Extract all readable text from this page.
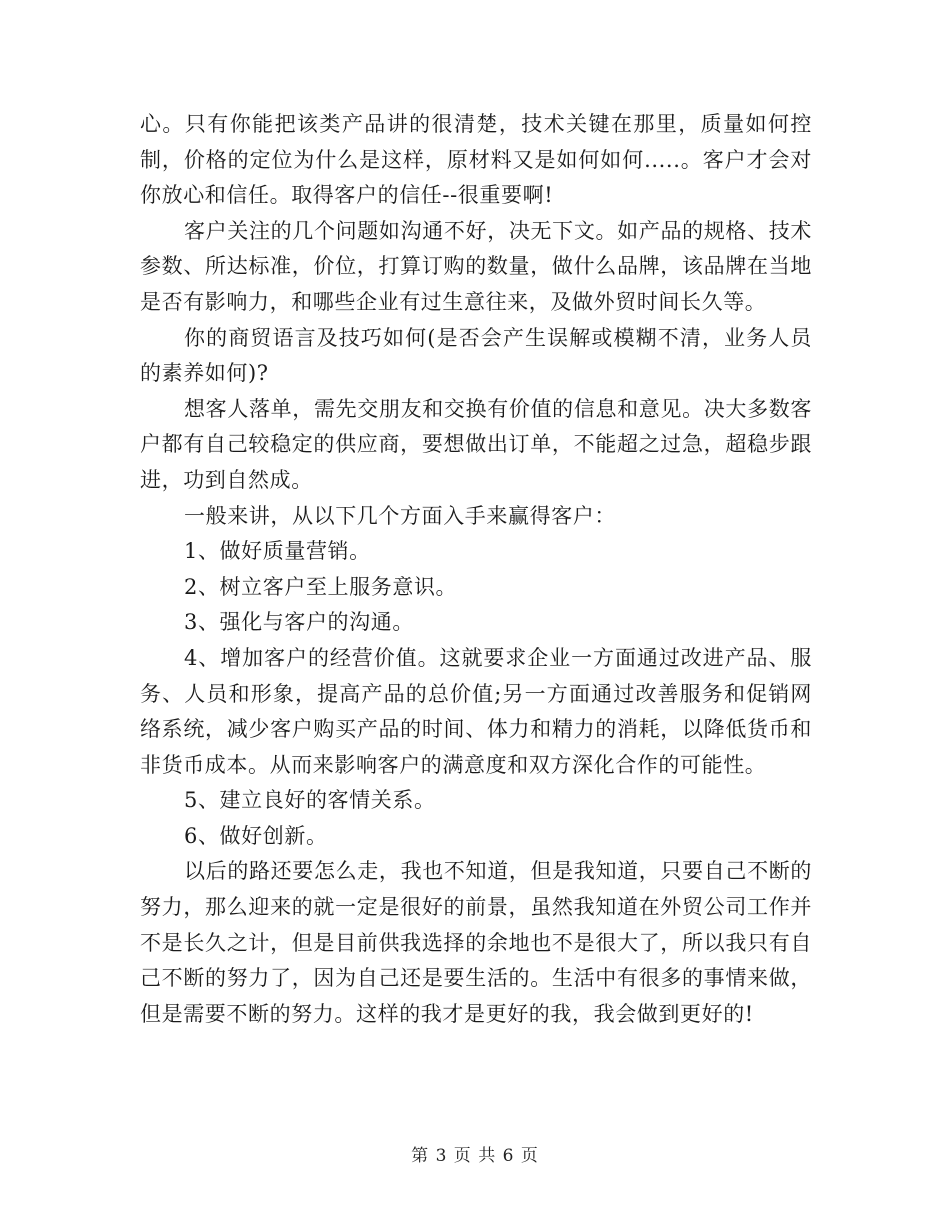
心。只有你能把该类产品讲的很清楚，技术关键在那里，质量如何控制，价格的定位为什么是这样，原材料又是如何如何.....。客户才会对你放心和信任。取得客户的信任--很重要啊!

客户关注的几个问题如沟通不好，决无下文。如产品的规格、技术参数、所达标准，价位，打算订购的数量，做什么品牌，该品牌在当地是否有影响力，和哪些企业有过生意往来，及做外贸时间长久等。

你的商贸语言及技巧如何(是否会产生误解或模糊不清，业务人员的素养如何)?

想客人落单，需先交朋友和交换有价值的信息和意见。决大多数客户都有自己较稳定的供应商，要想做出订单，不能超之过急，超稳步跟进，功到自然成。

一般来讲，从以下几个方面入手来赢得客户：

1、做好质量营销。

2、树立客户至上服务意识。

3、强化与客户的沟通。

4、增加客户的经营价值。这就要求企业一方面通过改进产品、服务、人员和形象，提高产品的总价值;另一方面通过改善服务和促销网络系统，减少客户购买产品的时间、体力和精力的消耗，以降低货币和非货币成本。从而来影响客户的满意度和双方深化合作的可能性。

5、建立良好的客情关系。

6、做好创新。

以后的路还要怎么走，我也不知道，但是我知道，只要自己不断的努力，那么迎来的就一定是很好的前景，虽然我知道在外贸公司工作并不是长久之计，但是目前供我选择的余地也不是很大了，所以我只有自己不断的努力了，因为自己还是要生活的。生活中有很多的事情来做，但是需要不断的努力。这样的我才是更好的我，我会做到更好的!

第 3 页 共 6 页
